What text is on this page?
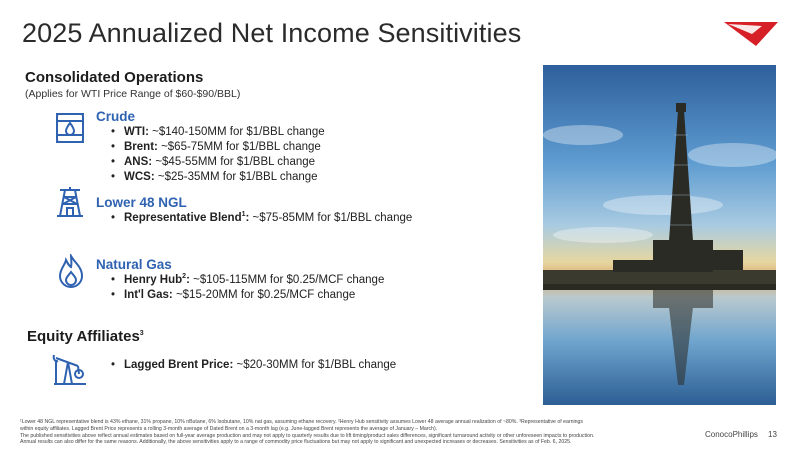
2025 Annualized Net Income Sensitivities
Consolidated Operations
(Applies for WTI Price Range of $60-$90/BBL)
Crude
• WTI: ~$140-150MM for $1/BBL change
• Brent: ~$65-75MM for $1/BBL change
• ANS: ~$45-55MM for $1/BBL change
• WCS: ~$25-35MM for $1/BBL change
Lower 48 NGL
• Representative Blend$^1$: ~$75-85MM for $1/BBL change
Natural Gas
• Henry Hub$^2$: ~$105-115MM for $0.25/MCF change
• Int'l Gas: ~$15-20MM for $0.25/MCF change
Equity Affiliates$^3$
• Lagged Brent Price: ~$20-30MM for $1/BBL change
¹Lower 48 NGL representative blend is 43% ethane, 31% propane, 10% nButane, 6% Isobutane, 10% nat gas, assuming ethane recovery. ²Henry Hub sensitivity assumes Lower 48 average annual realization of ~80%. ³Representative of earnings
within equity affiliates. Lagged Brent Price represents a rolling 3-month average of Dated Brent on a 3-month lag (e.g. June-lagged Brent represents the average of January – March).
The published sensitivities above reflect annual estimates based on full-year average production and may not apply to quarterly results due to lift timing/product sales differences, significant turnaround activity or other unforeseen impacts to production.
Annual results can also differ for the same reasons. Additionally, the above sensitivities apply to a range of commodity price fluctuations but may not apply to significant and unexpected increases or decreases. Sensitivities as of Feb. 6, 2025.
ConocoPhillips 13
